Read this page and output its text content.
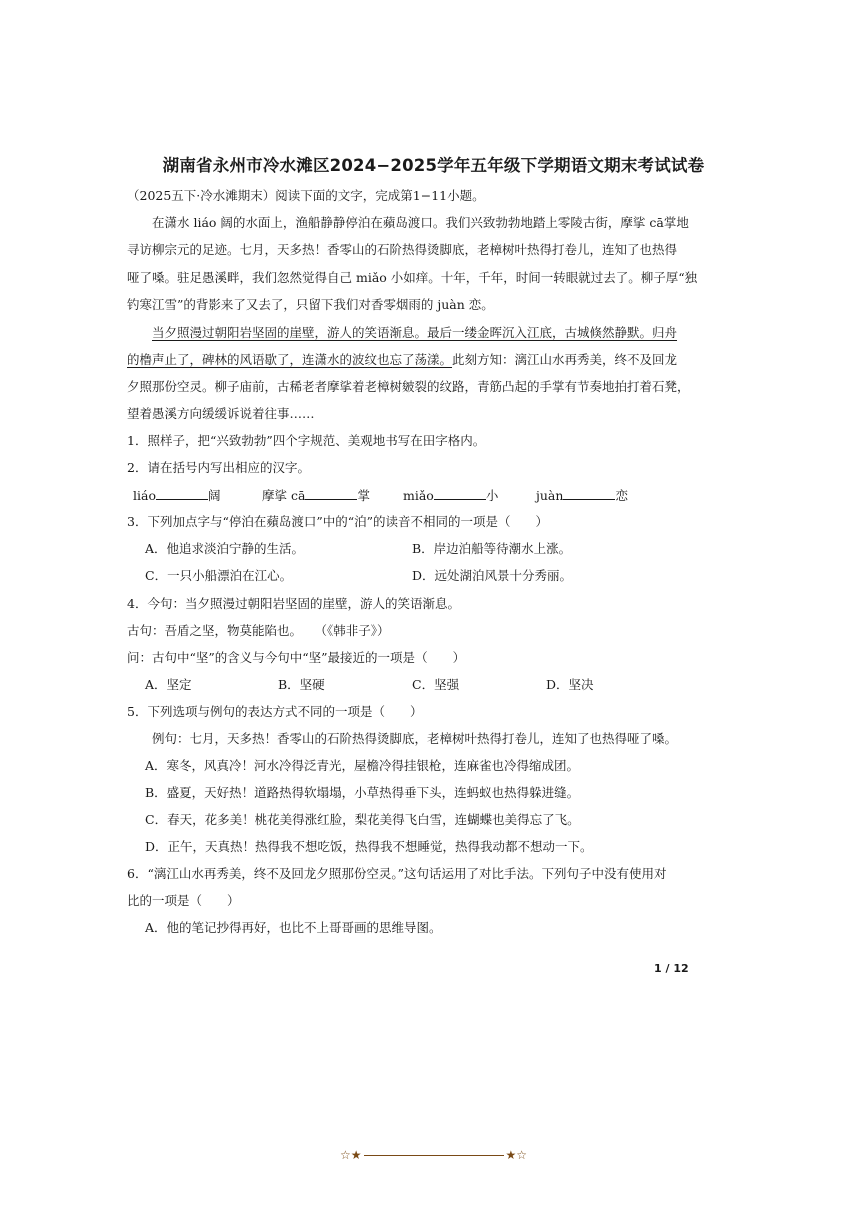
湖南省永州市冷水滩区2024−2025学年五年级下学期语文期末考试试卷
（2025五下·冷水滩期末）阅读下面的文字，完成第1−11小题。
在潇水 liáo 阔的水面上，渔船静静停泊在蘋岛渡口。我们兴致勃勃地踏上零陵古街，摩挲 cā掌地
寻访柳宗元的足迹。七月，天多热！香零山的石阶热得烫脚底，老樟树叶热得打卷儿，连知了也热得
哑了嗓。驻足愚溪畔，我们忽然觉得自己 miǎo 小如痒。十年，千年，时间一转眼就过去了。柳子厚“独
钓寒江雪”的背影来了又去了，只留下我们对香零烟雨的 juàn 恋。
当夕照漫过朝阳岩坚固的崖壁，游人的笑语渐息。最后一缕金晖沉入江底，古城倏然静默。归舟
的橹声止了，碑林的风语歇了，连潇水的波纹也忘了荡漾。此刻方知：漓江山水再秀美，终不及回龙
夕照那份空灵。柳子庙前，古稀老者摩挲着老樟树皴裂的纹路，青筋凸起的手掌有节奏地拍打着石凳，
望着愚溪方向缓缓诉说着往事……
1．照样子，把“兴致勃勃”四个字规范、美观地书写在田字格内。
2．请在括号内写出相应的汉字。
liáo	阔	摩挲 cā	掌	miǎo	小	juàn	恋
3．下列加点字与“停泊在蘋岛渡口”中的“泊”的读音不相同的一项是（　　）
A．他追求淡泊宁静的生活。	B．岸边泊船等待潮水上涨。
C．一只小船漂泊在江心。	D．远处湖泊风景十分秀丽。
4．今句：当夕照漫过朝阳岩坚固的崖壁，游人的笑语渐息。
古句：吾盾之坚，物莫能陷也。　　（《韩非子》）
问：古句中“坚”的含义与今句中“坚”最接近的一项是（　　）
A．坚定	B．坚硬	C．坚强	D．坚决
5．下列选项与例句的表达方式不同的一项是（　　）
例句：七月，天多热！香零山的石阶热得烫脚底，老樟树叶热得打卷儿，连知了也热得哑了嗓。
A．寒冬，风真冷！河水冷得泛青光，屋檐冷得挂银枪，连麻雀也冷得缩成团。
B．盛夏，天好热！道路热得软塌塌，小草热得垂下头，连蚂蚁也热得躲进缝。
C．春天，花多美！桃花美得涨红脸，梨花美得飞白雪，连蝴蝶也美得忘了飞。
D．正午，天真热！热得我不想吃饭，热得我不想睡觉，热得我动都不想动一下。
6．“漓江山水再秀美，终不及回龙夕照那份空灵。”这句话运用了对比手法。下列句子中没有使用对
比的一项是（　　）
A．他的笔记抄得再好，也比不上哥哥画的思维导图。
1 / 12
☆★	★☆
